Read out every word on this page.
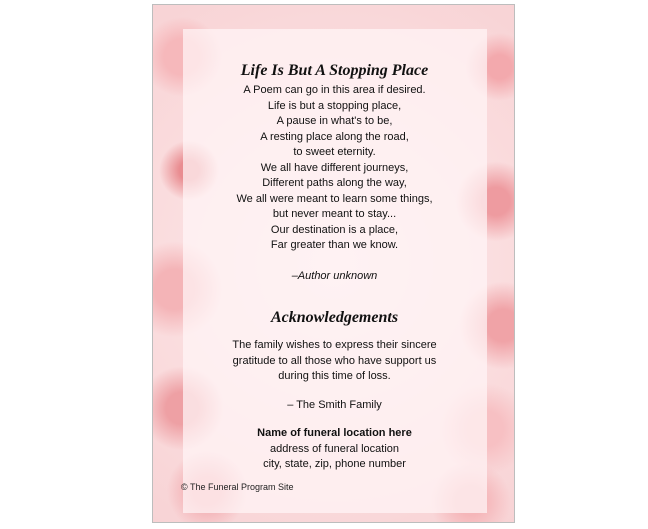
Life Is But A Stopping Place

A Poem can go in this area if desired.

Life is but a stopping place,

A pause in what's to be,

A resting place along the road,

to sweet eternity.

We all have different journeys,

Different paths along the way,

We all were meant to learn some things,

but never meant to stay...

Our destination is a place,

Far greater than we know.

–Author unknown

Acknowledgements

The family wishes to express their sincere

gratitude to all those who have support us

during this time of loss.

– The Smith Family

Name of funeral location here

address of funeral location

city, state, zip, phone number

© The Funeral Program Site
